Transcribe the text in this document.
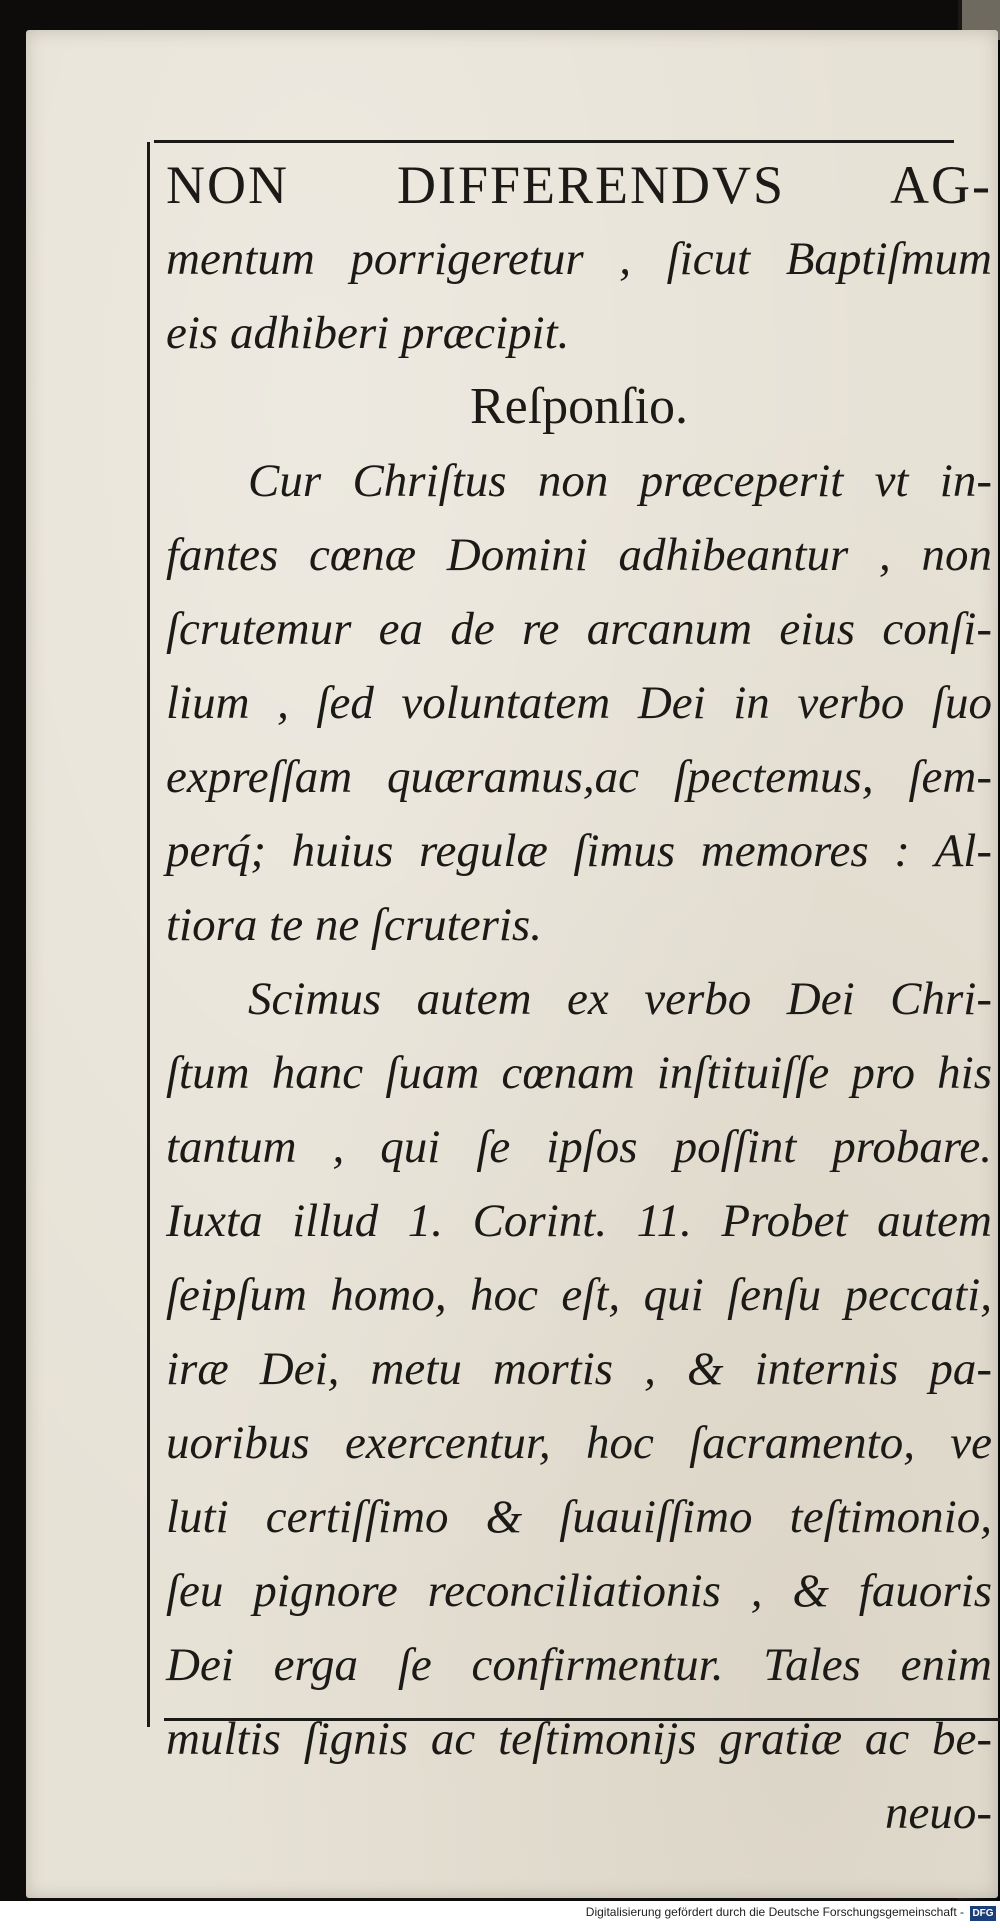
NON DIFFERENDVS AG-
mentum porrigeretur , ſicut Baptiſmum
eis adhiberi præcipit.
Reſponſio.
Cur Chriſtus non præceperit vt in-
fantes cœnæ Domini adhibeantur , non
ſcrutemur ea de re arcanum eius conſi-
lium , ſed voluntatem Dei in verbo ſuo
expreſſam quæramus,ac ſpectemus, ſem-
perq́; huius regulæ ſimus memores : Al-
tiora te ne ſcruteris.
Scimus autem ex verbo Dei Chri-
ſtum hanc ſuam cœnam inſtituiſſe pro his
tantum , qui ſe ipſos poſſint probare.
Iuxta illud 1. Corint. 11. Probet autem
ſeipſum homo, hoc eſt, qui ſenſu peccati,
iræ Dei, metu mortis , & internis pa-
uoribus exercentur, hoc ſacramento, ve
luti certiſſimo & ſuauiſſimo teſtimonio,
ſeu pignore reconciliationis , & fauoris
Dei erga ſe confirmentur. Tales enim
multis ſignis ac teſtimonijs gratiæ ac be-
neuo-
Digitalisierung gefördert durch die Deutsche Forschungsgemeinschaft - DFG
